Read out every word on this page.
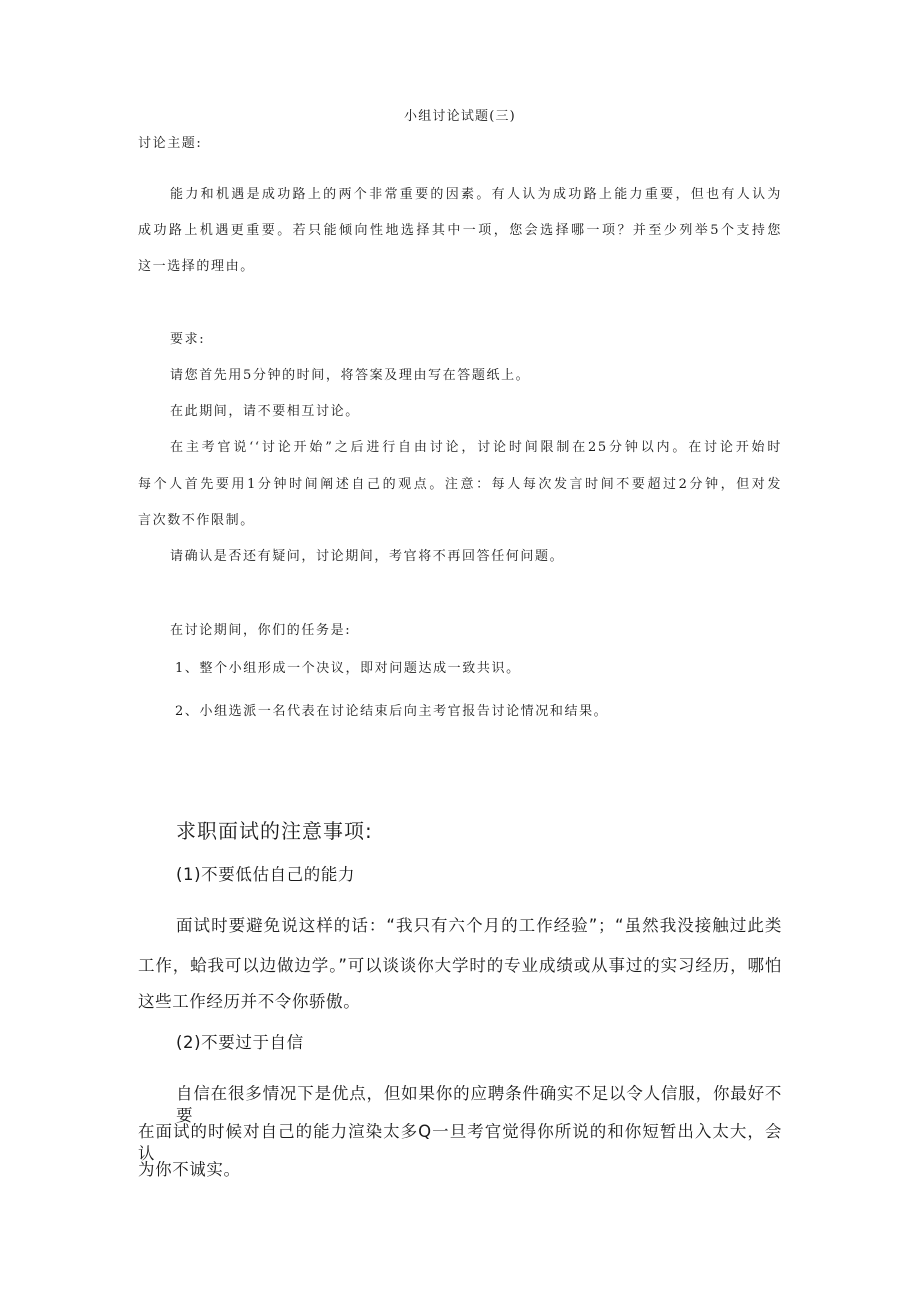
小组讨论试题(三)
讨论主题:
能力和机遇是成功路上的两个非常重要的因素。有人认为成功路上能力重要，但也有人认为
成功路上机遇更重要。若只能倾向性地选择其中一项，您会选择哪一项？并至少列举5个支持您
这一选择的理由。
要求:
请您首先用5分钟的时间，将答案及理由写在答题纸上。
在此期间，请不要相互讨论。
在主考官说‘‘讨论开始”之后进行自由讨论，讨论时间限制在25分钟以内。在讨论开始时
每个人首先要用1分钟时间阐述自己的观点。注意：每人每次发言时间不要超过2分钟，但对发
言次数不作限制。
请确认是否还有疑问，讨论期间，考官将不再回答任何问题。
在讨论期间，你们的任务是:
1、整个小组形成一个决议，即对问题达成一致共识。
2、小组选派一名代表在讨论结束后向主考官报告讨论情况和结果。
求职面试的注意事项:
(1)不要低估自己的能力
面试时要避免说这样的话：“我只有六个月的工作经验”；“虽然我没接触过此类
工作，蛤我可以边做边学。”可以谈谈你大学时的专业成绩或从事过的实习经历，哪怕
这些工作经历并不令你骄傲。
(2)不要过于自信
自信在很多情况下是优点，但如果你的应聘条件确实不足以令人信服，你最好不要
在面试的时候对自己的能力渲染太多Q一旦考官觉得你所说的和你短暂出入太大，会认
为你不诚实。
